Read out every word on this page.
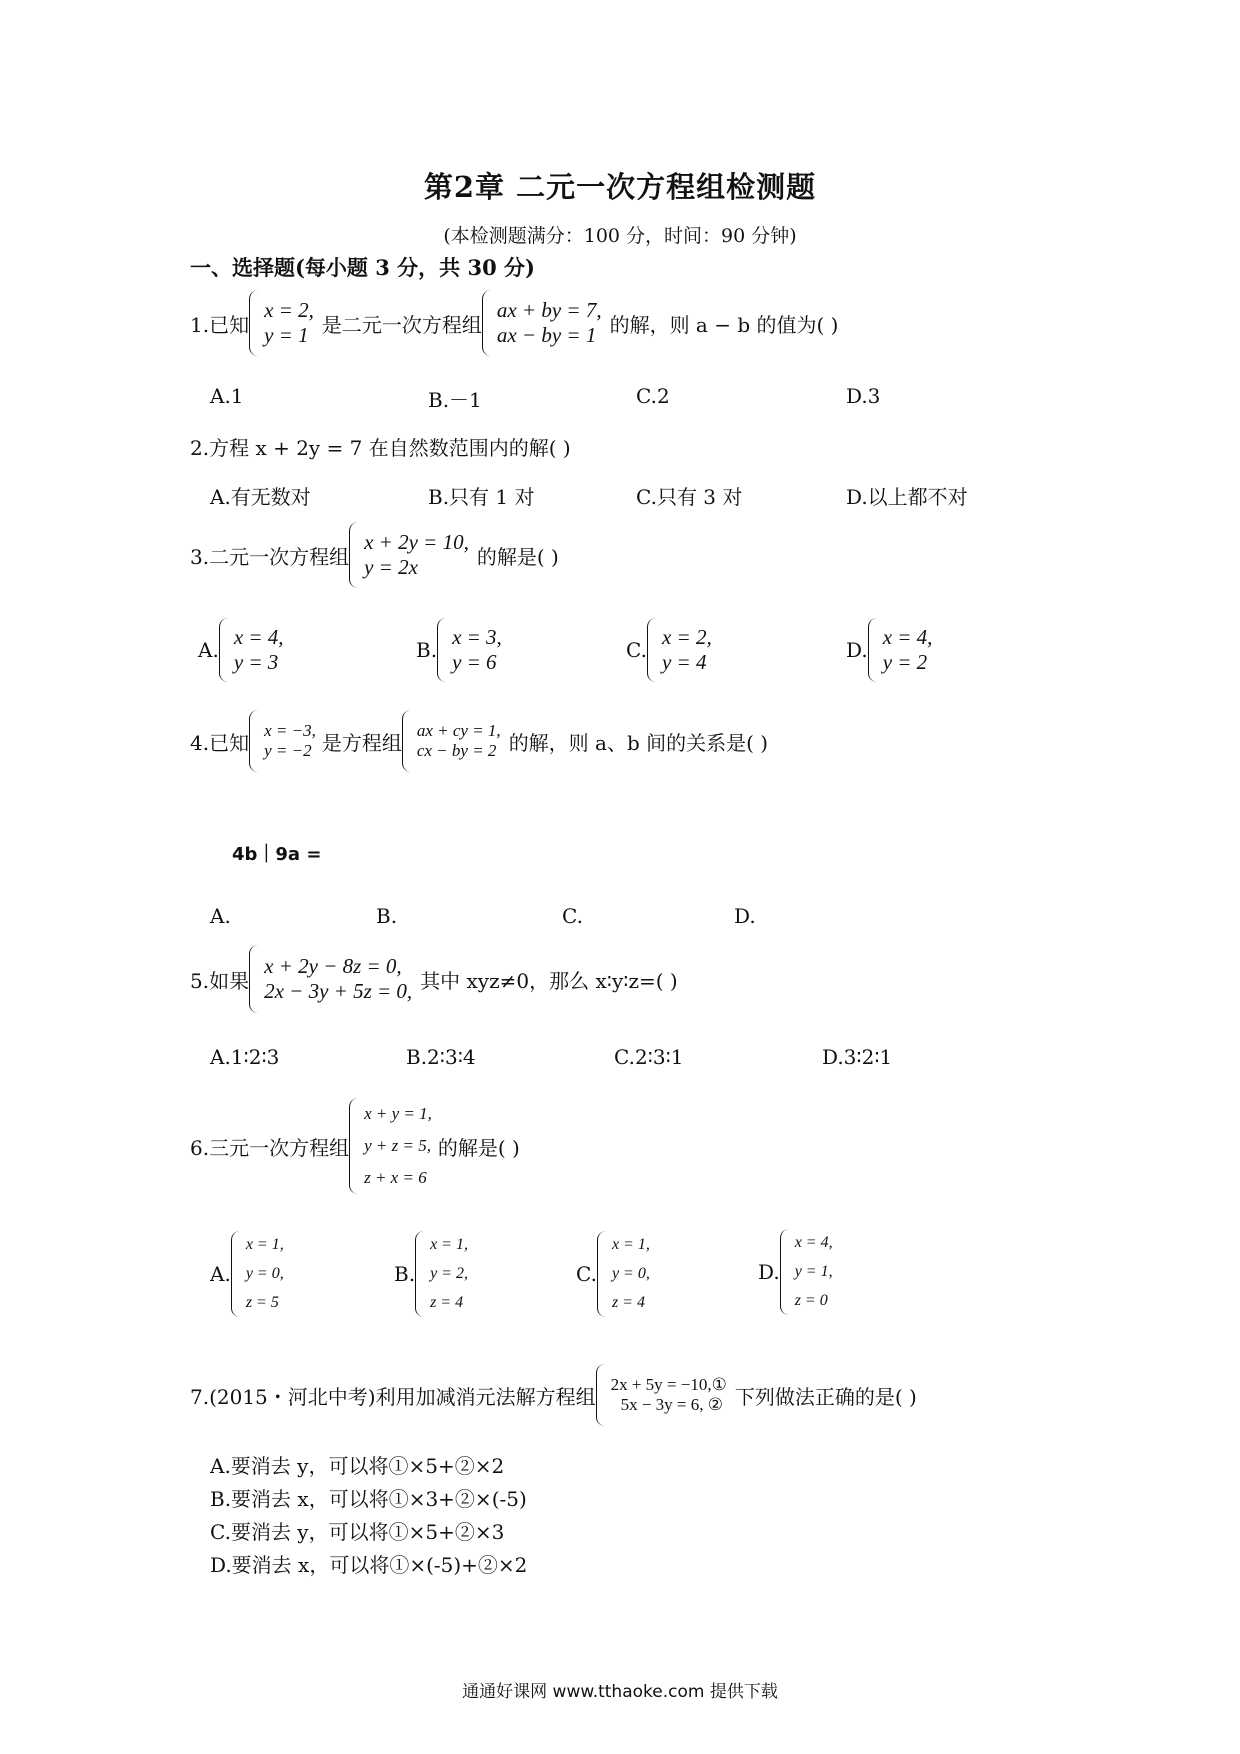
第2章 二元一次方程组检测题
(本检测题满分：100 分，时间：90 分钟)
一、选择题(每小题 3 分，共 30 分)
1.已知
x = 2,
y = 1 是二元一次方程组
ax + by = 7,
ax − by = 1 的解，则 a − b 的值为( )
A.1	B.－1	C.2	D.3
2.方程 x + 2y = 7 在自然数范围内的解( )
A.有无数对	B.只有 1 对	C.只有 3 对	D.以上都不对
3.二元一次方程组
x + 2y = 10,
y = 2x	的解是( )
A.
x = 4,
y = 3	B.
x = 3,
y = 6	C.
x = 2,
y = 4	D.
x = 4,
y = 2
4.已知 x = −3,
y = −2 是方程组 ax + cy = 1,
cx − by = 2 的解，则 a、b 间的关系是( )
4b｜9a =
A.	B.	C.	D.
5.如果
x + 2y − 8z = 0,
2x − 3y + 5z = 0, 其中 xyz≠0，那么 x∶y∶z=( )
A.1∶2∶3	B.2∶3∶4	C.2∶3∶1	D.3∶2∶1
6.三元一次方程组
x + y = 1,
y + z = 5,
z + x = 6
的解是( )
A.
x = 1,
y = 0,
z = 5
B.
x = 1,
y = 2,
z = 4
C.
x = 1,
y = 0,
z = 4
D.
x = 4,
y = 1,
z = 0
7.(2015・河北中考)利用加减消元法解方程组 2x + 5y = −10,①
5x − 3y = 6, ② 下列做法正确的是( )
A.要消去 y，可以将①×5+②×2
B.要消去 x，可以将①×3+②×(-5)
C.要消去 y，可以将①×5+②×3
D.要消去 x，可以将①×(-5)+②×2
通通好课网 www.tthaoke.com 提供下载
